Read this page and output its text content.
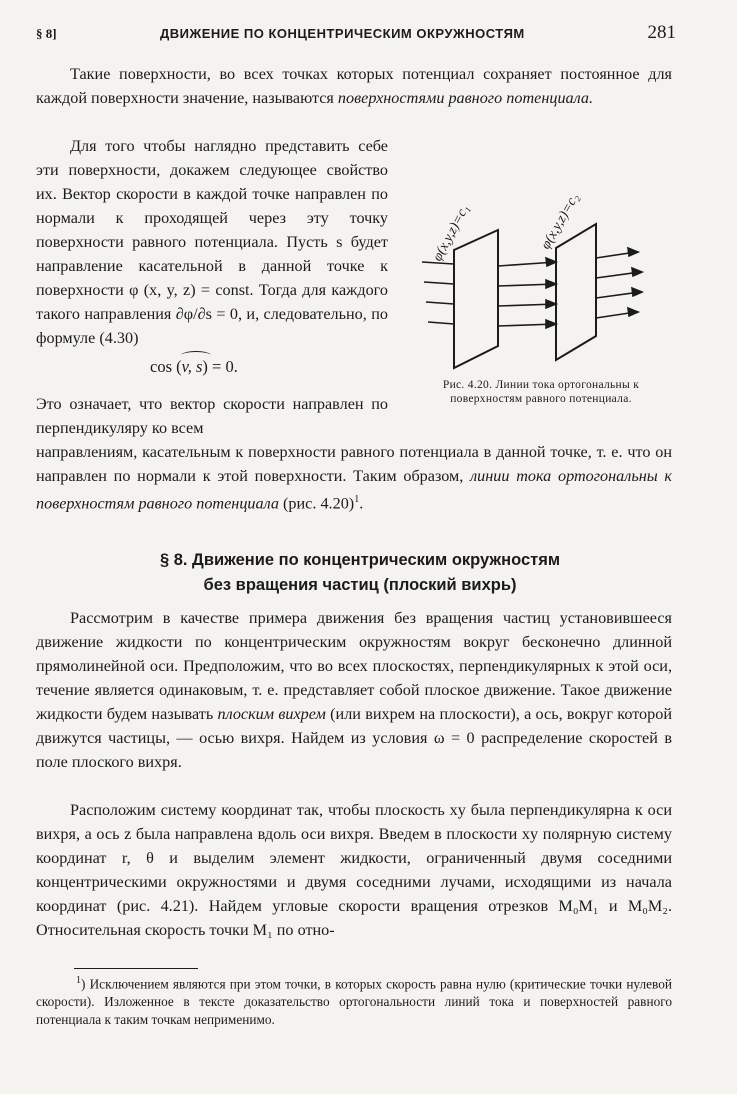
§ 8]	ДВИЖЕНИЕ ПО КОНЦЕНТРИЧЕСКИМ ОКРУЖНОСТЯМ	281
Такие поверхности, во всех точках которых потенциал сохраняет постоянное для каждой поверхности значение, называются поверхностями равного потенциала.
Для того чтобы наглядно представить себе эти поверхности, докажем следующее свойство их. Вектор скорости в каждой точке направлен по нормали к проходящей через эту точку поверхности равного потенциала. Пусть s будет направление касательной в данной точке к поверхности φ (x, y, z) = const. Тогда для каждого такого направления ∂φ/∂s = 0, и, следовательно, по формуле (4.30)
cos (v, s) = 0.
φ(x,y,z)=c₁	φ(x,y,z)=c₂
Рис. 4.20. Линии тока ортогональны к поверхностям равного потенциала.
Это означает, что вектор скорости направлен по перпендикуляру ко всем
направлениям, касательным к поверхности равного потенциала в данной точке, т. е. что он направлен по нормали к этой поверхности. Таким образом, линии тока ортогональны к поверхностям равного потенциала (рис. 4.20)$^1$.
§ 8. Движение по концентрическим окружностям
без вращения частиц (плоский вихрь)
Рассмотрим в качестве примера движения без вращения частиц установившееся движение жидкости по концентрическим окружностям вокруг бесконечно длинной прямолинейной оси. Предположим, что во всех плоскостях, перпендикулярных к этой оси, течение является одинаковым, т. е. представляет собой плоское движение. Такое движение жидкости будем называть плоским вихрем (или вихрем на плоскости), а ось, вокруг которой движутся частицы, — осью вихря. Найдем из условия ω = 0 распределение скоростей в поле плоского вихря.
Расположим систему координат так, чтобы плоскость xy была перпендикулярна к оси вихря, а ось z была направлена вдоль оси вихря. Введем в плоскости xy полярную систему координат r, θ и выделим элемент жидкости, ограниченный двумя соседними концентрическими окружностями и двумя соседними лучами, исходящими из начала координат (рис. 4.21). Найдем угловые скорости вращения отрезков M₀M₁ и M₀M₂. Относительная скорость точки M₁ по отно-
$^1$) Исключением являются при этом точки, в которых скорость равна нулю (критические точки нулевой скорости). Изложенное в тексте доказательство ортогональности линий тока и поверхностей равного потенциала к таким точкам неприменимо.
